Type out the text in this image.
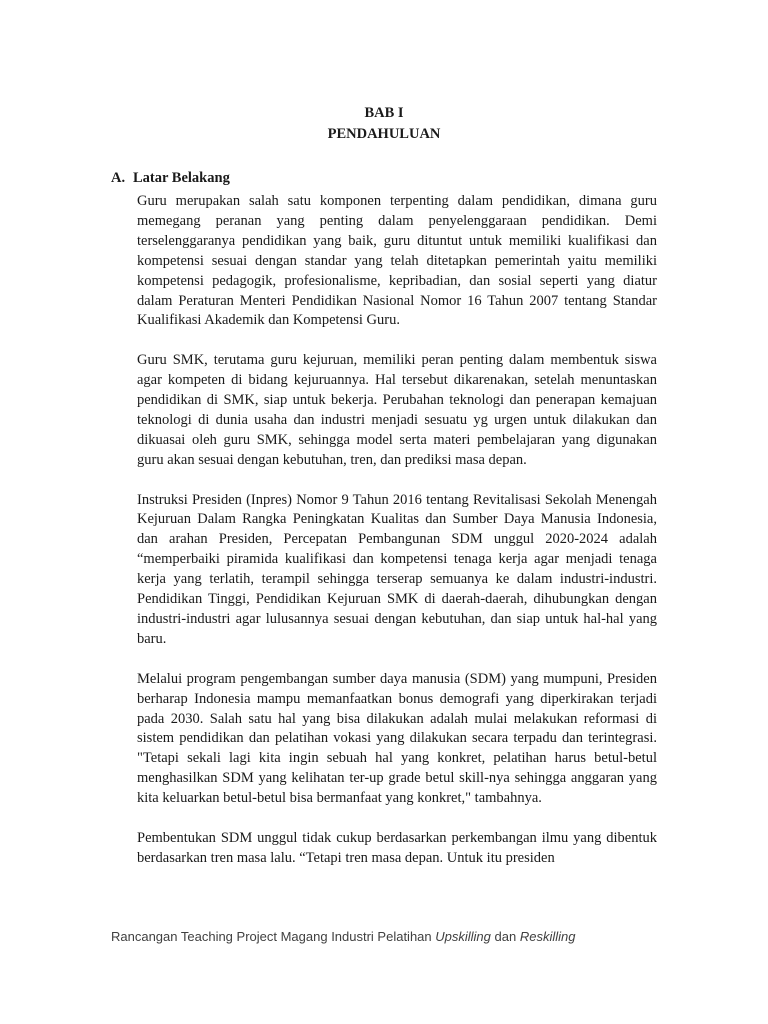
BAB I
PENDAHULUAN
A. Latar Belakang

Guru merupakan salah satu komponen terpenting dalam pendidikan, dimana guru memegang peranan yang penting dalam penyelenggaraan pendidikan. Demi terselenggaranya pendidikan yang baik, guru dituntut untuk memiliki kualifikasi dan kompetensi sesuai dengan standar yang telah ditetapkan pemerintah yaitu memiliki kompetensi pedagogik, profesionalisme, kepribadian, dan sosial seperti yang diatur dalam Peraturan Menteri Pendidikan Nasional Nomor 16 Tahun 2007 tentang Standar Kualifikasi Akademik dan Kompetensi Guru.

Guru SMK, terutama guru kejuruan, memiliki peran penting dalam membentuk siswa agar kompeten di bidang kejuruannya. Hal tersebut dikarenakan, setelah menuntaskan pendidikan di SMK, siap untuk bekerja. Perubahan teknologi dan penerapan kemajuan teknologi di dunia usaha dan industri menjadi sesuatu yg urgen untuk dilakukan dan dikuasai oleh guru SMK, sehingga model serta materi pembelajaran yang digunakan guru akan sesuai dengan kebutuhan, tren, dan prediksi masa depan.

Instruksi Presiden (Inpres) Nomor 9 Tahun 2016 tentang Revitalisasi Sekolah Menengah Kejuruan Dalam Rangka Peningkatan Kualitas dan Sumber Daya Manusia Indonesia, dan arahan Presiden, Percepatan Pembangunan SDM unggul 2020-2024 adalah “memperbaiki piramida kualifikasi dan kompetensi tenaga kerja agar menjadi tenaga kerja yang terlatih, terampil sehingga terserap semuanya ke dalam industri-industri. Pendidikan Tinggi, Pendidikan Kejuruan SMK di daerah-daerah, dihubungkan dengan industri-industri agar lulusannya sesuai dengan kebutuhan, dan siap untuk hal-hal yang baru.

Melalui program pengembangan sumber daya manusia (SDM) yang mumpuni, Presiden berharap Indonesia mampu memanfaatkan bonus demografi yang diperkirakan terjadi pada 2030. Salah satu hal yang bisa dilakukan adalah mulai melakukan reformasi di sistem pendidikan dan pelatihan vokasi yang dilakukan secara terpadu dan terintegrasi. "Tetapi sekali lagi kita ingin sebuah hal yang konkret, pelatihan harus betul-betul menghasilkan SDM yang kelihatan ter-up grade betul skill-nya sehingga anggaran yang kita keluarkan betul-betul bisa bermanfaat yang konkret," tambahnya.

Pembentukan SDM unggul tidak cukup berdasarkan perkembangan ilmu yang dibentuk berdasarkan tren masa lalu. “Tetapi tren masa depan. Untuk itu presiden

Rancangan Teaching Project Magang Industri Pelatihan Upskilling dan Reskilling
